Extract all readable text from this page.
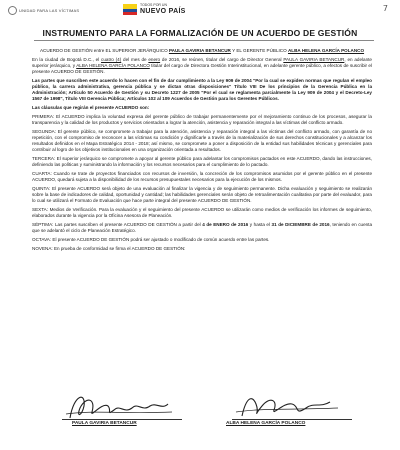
UNIDAD PARA LAS VÍCTIMAS
TODOS POR UN
NUEVO PAÍS	7
INSTRUMENTO PARA LA FORMALIZACIÓN DE UN ACUERDO DE GESTIÓN

ACUERDO DE GESTIÓN entre EL SUPERIOR JERÁRQUICO PAULA GAVIRIA BETANCUR Y EL GERENTE PÚBLICO ALBA HELENA GARCÍA POLANCO

En la ciudad de Bogotá D.C., el cuatro (4) del mes de enero de 2016, se reúnen, titular del cargo de Director General PAULA GAVIRIA BETANCUR, en adelante superior jerárquico, y ALBA HELENA GARCÍA POLANCO titular del cargo de Directora Gestión Interinstitucional, en adelante gerente público, a efectos de suscribir el presente ACUERDO DE GESTIÓN.

Las partes que suscriben este acuerdo lo hacen con el fin de dar cumplimiento a la Ley 909 de 2004 "Por la cual se expiden normas que regulan el empleo público, la carrera administrativa, gerencia pública y se dictan otras disposiciones" Título VIII De los principios de la Gerencia Pública en la Administración; Artículo 50 Acuerdo de Gestión y su Decreto 1227 de 2005 "Por el cual se reglamenta parcialmente la Ley 909 de 2004 y el Decreto-Ley 1567 de 1998", Título VIII Gerencia Pública; Artículos 102 al 109 Acuerdos de Gestión para los Gerentes Públicos.

Las cláusulas que regirán el presente ACUERDO son:

PRIMERA: El ACUERDO implica la voluntad expresa del gerente público de trabajar permanentemente por el mejoramiento continuo de los procesos, asegurar la transparencia y la calidad de los productos y servicios orientados a lograr la atención, asistencia y reparación integral a las víctimas del conflicto armado.

SEGUNDA: El gerente público, se compromete a trabajar para la atención, asistencia y reparación integral a las víctimas del conflicto armado, con garantía de no repetición, con el compromiso de reconocer a las víctimas su condición y dignificarle a través de la materialización de sus derechos constitucionales y a alcanzar los resultados definidos en el Mapa Estratégico 2014 - 2018; así mismo, se compromete a poner a disposición de la entidad sus habilidades técnicas y gerenciales para contribuir al logro de los objetivos institucionales en una organización orientada a resultados.

TERCERA: El superior jerárquico se compromete a apoyar al gerente público para adelantar los compromisos pactados en este ACUERDO, dando las instrucciones, definiendo las políticas y suministrando la información y los recursos necesarios para el cumplimiento de lo pactado.

CUARTA: Cuando se trate de proyectos financiados con recursos de inversión, la concreción de los compromisos asumidos por el gerente público en el presente ACUERDO, quedará sujeta a la disponibilidad de los recursos presupuestales necesarios para la ejecución de los mismos.

QUINTA: El presente ACUERDO será objeto de una evaluación al finalizar la vigencia y de seguimiento permanente. Dicha evaluación y seguimiento se realizarán sobre la base de indicadores de calidad, oportunidad y cantidad; las habilidades gerenciales serán objeto de retroalimentación cualitativa por parte del evaluador, para lo cual se utilizará el Formato de Evaluación que hace parte integral del presente ACUERDO DE GESTIÓN.

SEXTA: Medios de Verificación. Para la evaluación y el seguimiento del presente ACUERDO se utilizarán como medios de verificación los informes de seguimiento, elaborados durante la vigencia por la Oficina Asesora de Planeación.

SÉPTIMA: Las partes suscriben el presente ACUERDO DE GESTIÓN a partir del 4 de ENERO de 2016 y hasta el 31 de DICIEMBRE de 2016, teniendo en cuenta que se adelantó el ciclo de Planeación Estratégico.

OCTAVA: El presente ACUERDO DE GESTIÓN podrá ser ajustado o modificado de común acuerdo entre las partes.

NOVENA: En prueba de conformidad se firma el ACUERDO DE GESTIÓN:

PAULA GAVIRIA BETANCUR	ALBA HELENA GARCÍA POLANCO
